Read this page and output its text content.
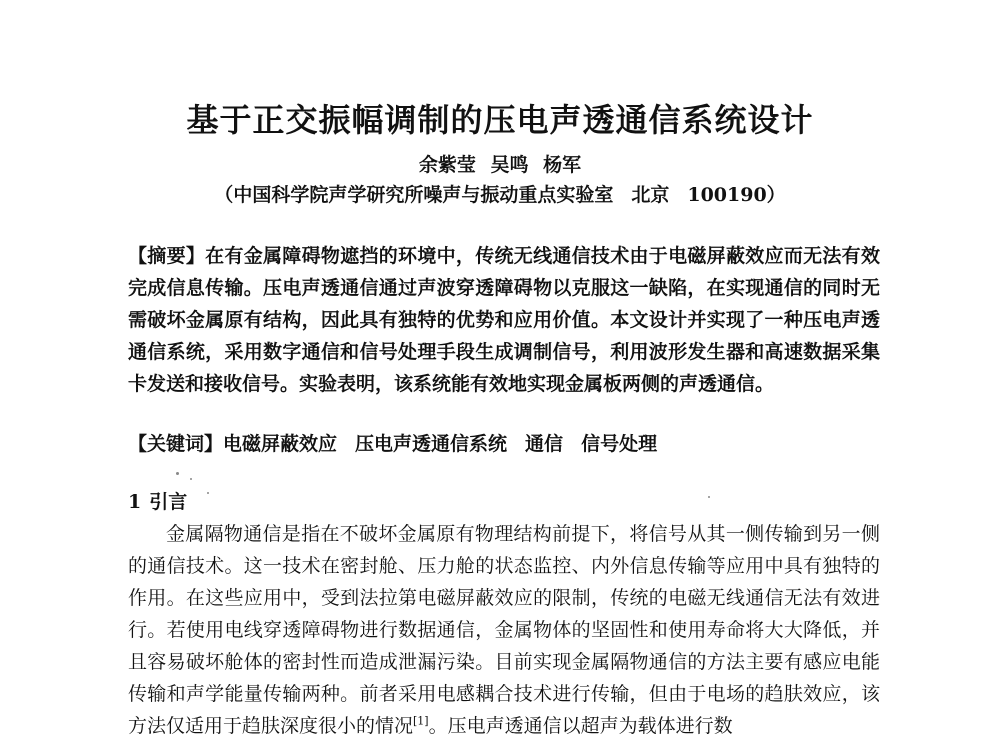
基于正交振幅调制的压电声透通信系统设计
余紫莹 吴鸣 杨军
（中国科学院声学研究所噪声与振动重点实验室 北京 100190）
【摘要】在有金属障碍物遮挡的环境中，传统无线通信技术由于电磁屏蔽效应而无法有效完成信息传输。压电声透通信通过声波穿透障碍物以克服这一缺陷，在实现通信的同时无需破坏金属原有结构，因此具有独特的优势和应用价值。本文设计并实现了一种压电声透通信系统，采用数字通信和信号处理手段生成调制信号，利用波形发生器和高速数据采集卡发送和接收信号。实验表明，该系统能有效地实现金属板两侧的声透通信。
【关键词】电磁屏蔽效应 压电声透通信系统 通信 信号处理
1 引言
金属隔物通信是指在不破坏金属原有物理结构前提下，将信号从其一侧传输到另一侧的通信技术。这一技术在密封舱、压力舱的状态监控、内外信息传输等应用中具有独特的作用。在这些应用中，受到法拉第电磁屏蔽效应的限制，传统的电磁无线通信无法有效进行。若使用电线穿透障碍物进行数据通信，金属物体的坚固性和使用寿命将大大降低，并且容易破坏舱体的密封性而造成泄漏污染。目前实现金属隔物通信的方法主要有感应电能传输和声学能量传输两种。前者采用电感耦合技术进行传输，但由于电场的趋肤效应，该方法仅适用于趋肤深度很小的情况[1]。压电声透通信以超声为载体进行数
